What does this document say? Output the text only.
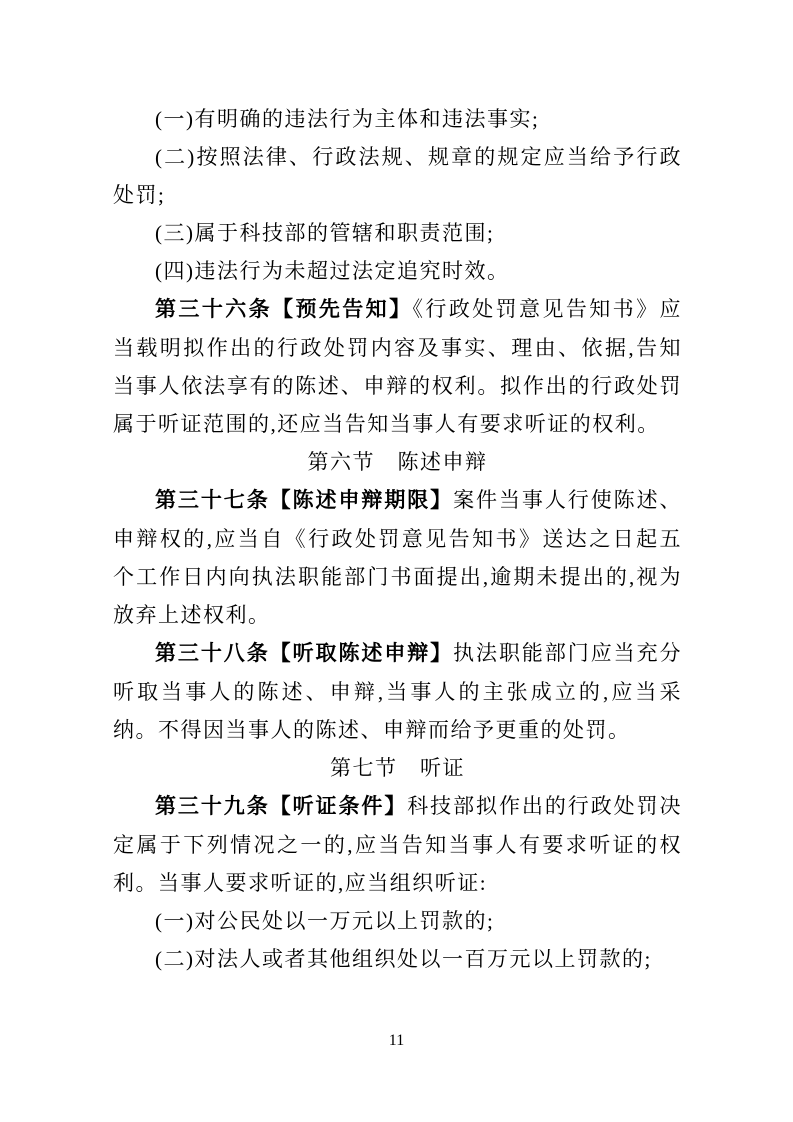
(一)有明确的违法行为主体和违法事实;

(二)按照法律、行政法规、规章的规定应当给予行政处罚;

(三)属于科技部的管辖和职责范围;

(四)违法行为未超过法定追究时效。

第三十六条【预先告知】《行政处罚意见告知书》应当载明拟作出的行政处罚内容及事实、理由、依据,告知当事人依法享有的陈述、申辩的权利。拟作出的行政处罚属于听证范围的,还应当告知当事人有要求听证的权利。

第六节　陈述申辩

第三十七条【陈述申辩期限】案件当事人行使陈述、申辩权的,应当自《行政处罚意见告知书》送达之日起五个工作日内向执法职能部门书面提出,逾期未提出的,视为放弃上述权利。

第三十八条【听取陈述申辩】执法职能部门应当充分听取当事人的陈述、申辩,当事人的主张成立的,应当采纳。不得因当事人的陈述、申辩而给予更重的处罚。

第七节　听证

第三十九条【听证条件】科技部拟作出的行政处罚决定属于下列情况之一的,应当告知当事人有要求听证的权利。当事人要求听证的,应当组织听证:

(一)对公民处以一万元以上罚款的;

(二)对法人或者其他组织处以一百万元以上罚款的;

11
